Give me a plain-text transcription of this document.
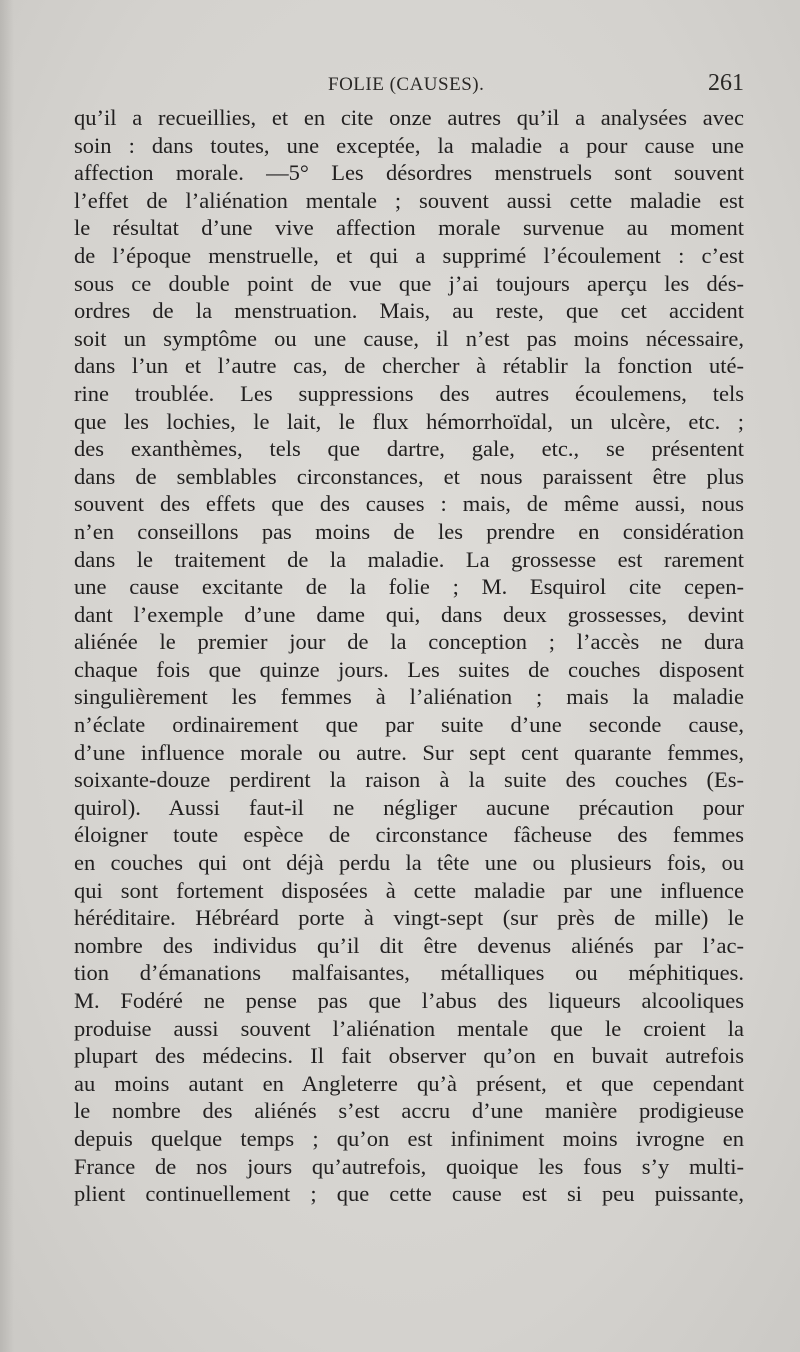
FOLIE (CAUSES).	261
qu’il a recueillies, et en cite onze autres qu’il a analysées avec
soin : dans toutes, une exceptée, la maladie a pour cause une
affection morale. —5° Les désordres menstruels sont souvent
l’effet de l’aliénation mentale ; souvent aussi cette maladie est
le résultat d’une vive affection morale survenue au moment
de l’époque menstruelle, et qui a supprimé l’écoulement : c’est
sous ce double point de vue que j’ai toujours aperçu les dés-
ordres de la menstruation. Mais, au reste, que cet accident
soit un symptôme ou une cause, il n’est pas moins nécessaire,
dans l’un et l’autre cas, de chercher à rétablir la fonction uté-
rine troublée. Les suppressions des autres écoulemens, tels
que les lochies, le lait, le flux hémorrhoïdal, un ulcère, etc. ;
des exanthèmes, tels que dartre, gale, etc., se présentent
dans de semblables circonstances, et nous paraissent être plus
souvent des effets que des causes : mais, de même aussi, nous
n’en conseillons pas moins de les prendre en considération
dans le traitement de la maladie. La grossesse est rarement
une cause excitante de la folie ; M. Esquirol cite cepen-
dant l’exemple d’une dame qui, dans deux grossesses, devint
aliénée le premier jour de la conception ; l’accès ne dura
chaque fois que quinze jours. Les suites de couches disposent
singulièrement les femmes à l’aliénation ; mais la maladie
n’éclate ordinairement que par suite d’une seconde cause,
d’une influence morale ou autre. Sur sept cent quarante femmes,
soixante-douze perdirent la raison à la suite des couches (Es-
quirol). Aussi faut-il ne négliger aucune précaution pour
éloigner toute espèce de circonstance fâcheuse des femmes
en couches qui ont déjà perdu la tête une ou plusieurs fois, ou
qui sont fortement disposées à cette maladie par une influence
héréditaire. Hébréard porte à vingt-sept (sur près de mille) le
nombre des individus qu’il dit être devenus aliénés par l’ac-
tion d’émanations malfaisantes, métalliques ou méphitiques.
M. Fodéré ne pense pas que l’abus des liqueurs alcooliques
produise aussi souvent l’aliénation mentale que le croient la
plupart des médecins. Il fait observer qu’on en buvait autrefois
au moins autant en Angleterre qu’à présent, et que cependant
le nombre des aliénés s’est accru d’une manière prodigieuse
depuis quelque temps ; qu’on est infiniment moins ivrogne en
France de nos jours qu’autrefois, quoique les fous s’y multi-
plient continuellement ; que cette cause est si peu puissante,
